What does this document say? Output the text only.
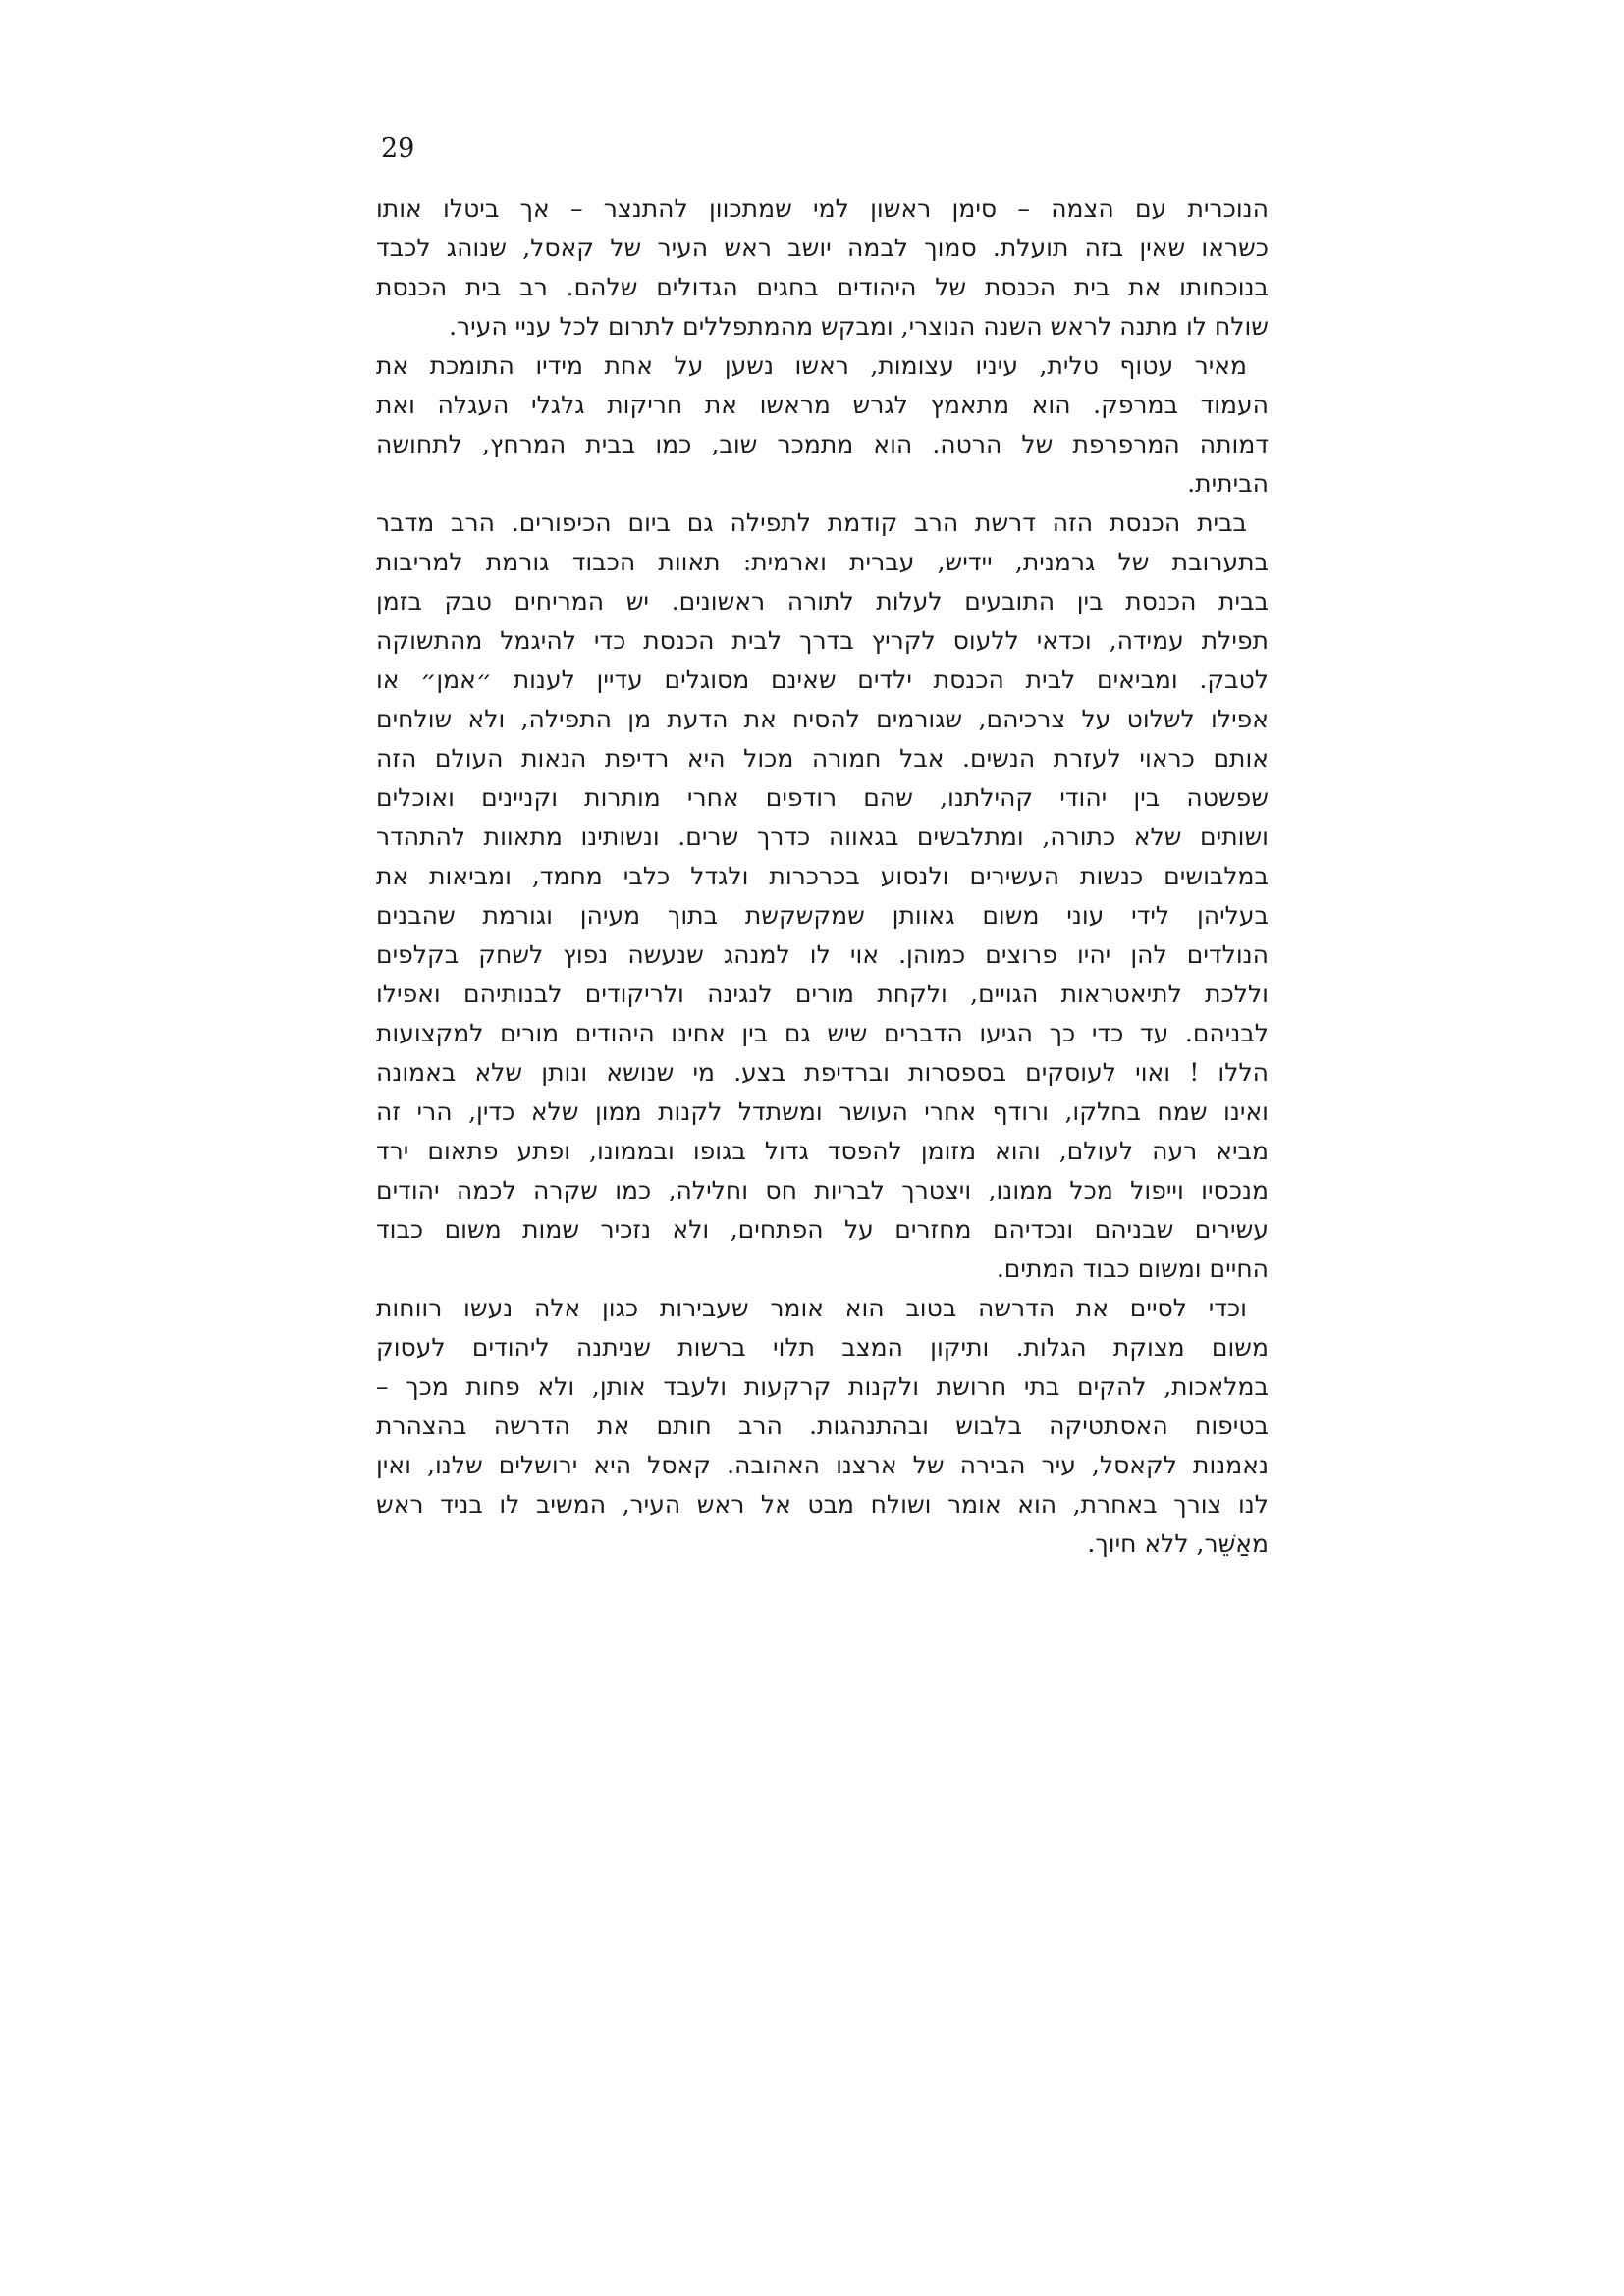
29
הנוכרית עם הצמה – סימן ראשון למי שמתכוון להתנצר – אך ביטלו אותו
כשראו שאין בזה תועלת. סמוך לבמה יושב ראש העיר של קאסל, שנוהג לכבד
בנוכחותו את בית הכנסת של היהודים בחגים הגדולים שלהם. רב בית הכנסת
שולח לו מתנה לראש השנה הנוצרי, ומבקש מהמתפללים לתרום לכל עניי העיר.
מאיר עטוף טלית, עיניו עצומות, ראשו נשען על אחת מידיו התומכת את
העמוד במרפק. הוא מתאמץ לגרש מראשו את חריקות גלגלי העגלה ואת
דמותה המרפרפת של הרטה. הוא מתמכר שוב, כמו בבית המרחץ, לתחושה
הביתית.
בבית הכנסת הזה דרשת הרב קודמת לתפילה גם ביום הכיפורים. הרב מדבר
בתערובת של גרמנית, יידיש, עברית וארמית: תאוות הכבוד גורמת למריבות
בבית הכנסת בין התובעים לעלות לתורה ראשונים. יש המריחים טבק בזמן
תפילת עמידה, וכדאי ללעוס לקריץ בדרך לבית הכנסת כדי להיגמל מהתשוקה
לטבק. ומביאים לבית הכנסת ילדים שאינם מסוגלים עדיין לענות ״אמן״ או
אפילו לשלוט על צרכיהם, שגורמים להסיח את הדעת מן התפילה, ולא שולחים
אותם כראוי לעזרת הנשים. אבל חמורה מכול היא רדיפת הנאות העולם הזה
שפשטה בין יהודי קהילתנו, שהם רודפים אחרי מותרות וקניינים ואוכלים
ושותים שלא כתורה, ומתלבשים בגאווה כדרך שרים. ונשותינו מתאוות להתהדר
במלבושים כנשות העשירים ולנסוע בכרכרות ולגדל כלבי מחמד, ומביאות את
בעליהן לידי עוני משום גאוותן שמקשקשת בתוך מעיהן וגורמת שהבנים
הנולדים להן יהיו פרוצים כמוהן. אוי לו למנהג שנעשה נפוץ לשחק בקלפים
וללכת לתיאטראות הגויים, ולקחת מורים לנגינה ולריקודים לבנותיהם ואפילו
לבניהם. עד כדי כך הגיעו הדברים שיש גם בין אחינו היהודים מורים למקצועות
הללו ! ואוי לעוסקים בספסרות וברדיפת בצע. מי שנושא ונותן שלא באמונה
ואינו שמח בחלקו, ורודף אחרי העושר ומשתדל לקנות ממון שלא כדין, הרי זה
מביא רעה לעולם, והוא מזומן להפסד גדול בגופו ובממונו, ופתע פתאום ירד
מנכסיו וייפול מכל ממונו, ויצטרך לבריות חס וחלילה, כמו שקרה לכמה יהודים
עשירים שבניהם ונכדיהם מחזרים על הפתחים, ולא נזכיר שמות משום כבוד
החיים ומשום כבוד המתים.
וכדי לסיים את הדרשה בטוב הוא אומר שעבירות כגון אלה נעשו רווחות
משום מצוקת הגלות. ותיקון המצב תלוי ברשות שניתנה ליהודים לעסוק
במלאכות, להקים בתי חרושת ולקנות קרקעות ולעבד אותן, ולא פחות מכך –
בטיפוח האסתטיקה בלבוש ובהתנהגות. הרב חותם את הדרשה בהצהרת
נאמנות לקאסל, עיר הבירה של ארצנו האהובה. קאסל היא ירושלים שלנו, ואין
לנו צורך באחרת, הוא אומר ושולח מבט אל ראש העיר, המשיב לו בניד ראש
מאַשֵּׁר, ללא חיוך.
